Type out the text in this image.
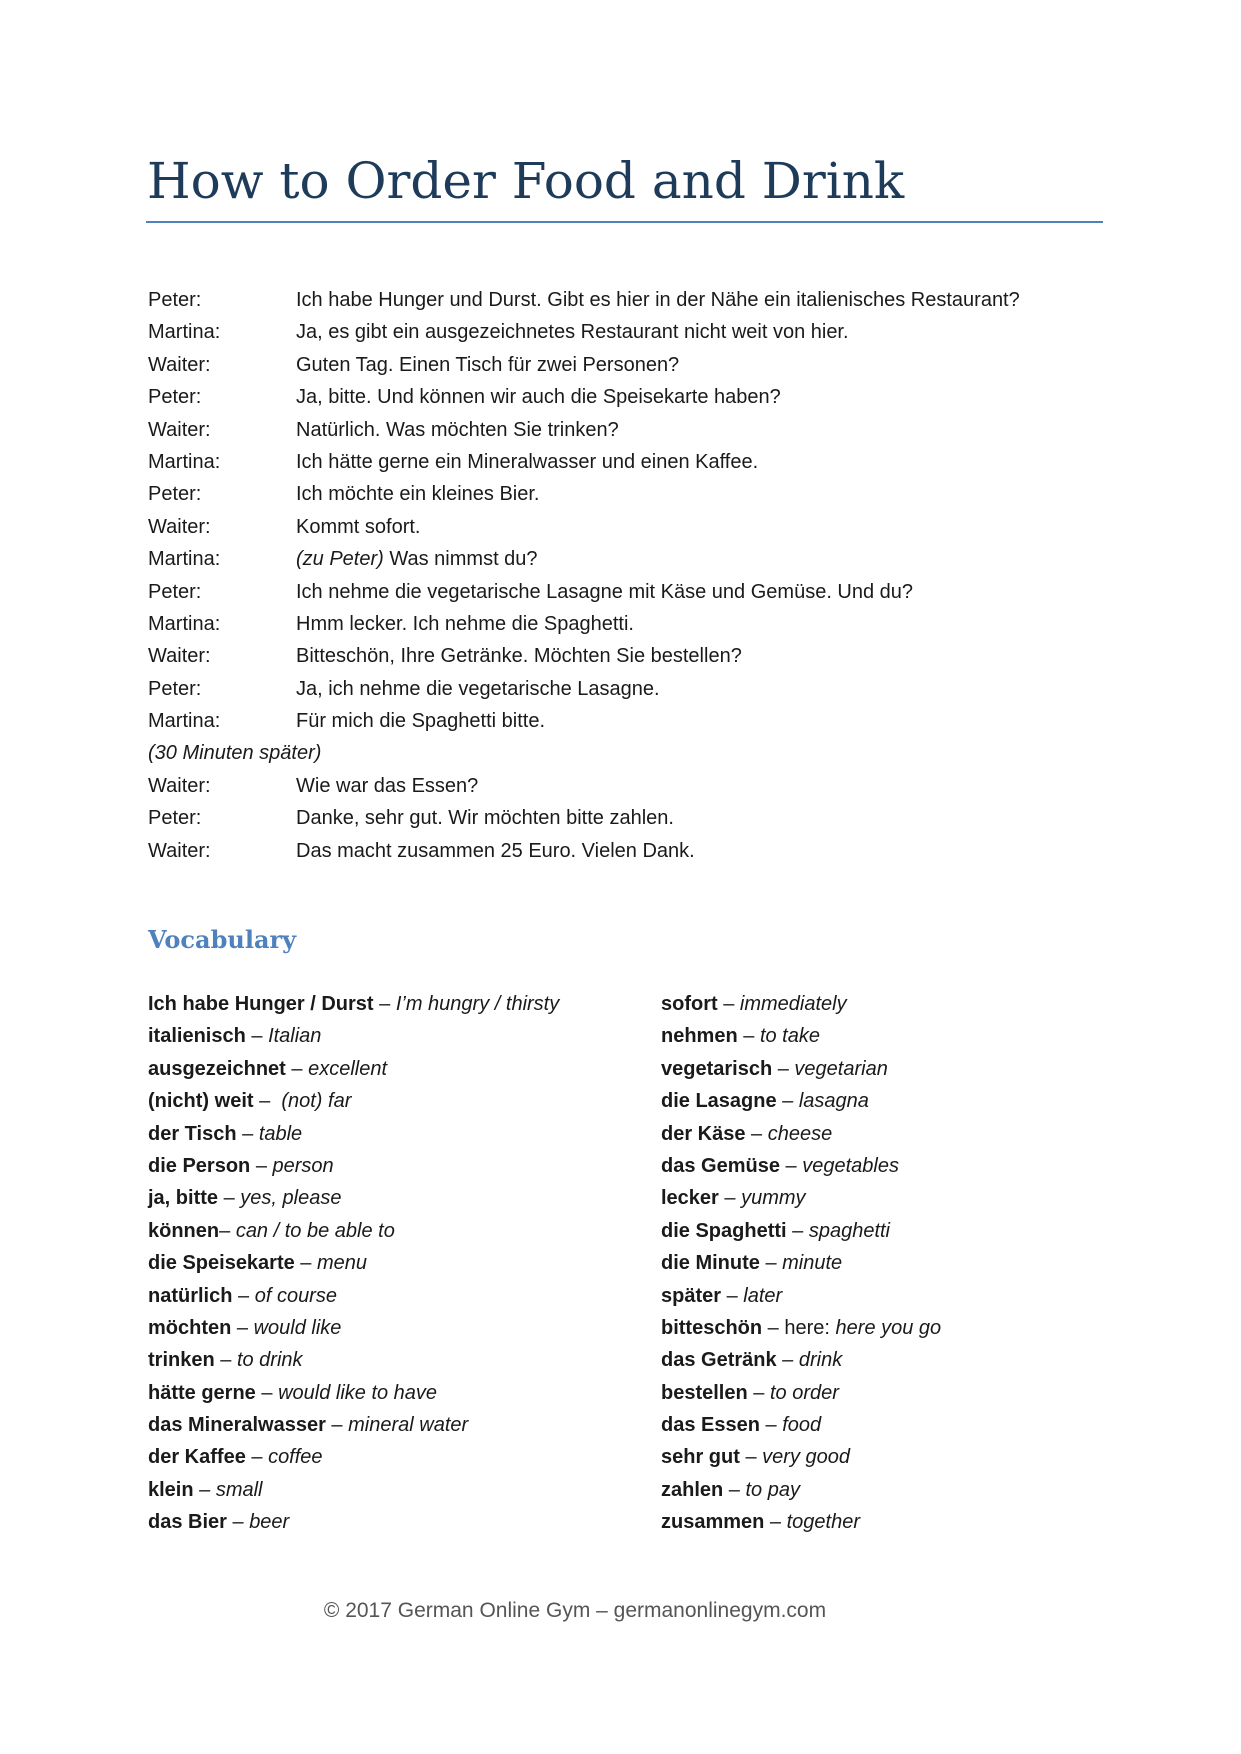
How to Order Food and Drink
Peter:	Ich habe Hunger und Durst. Gibt es hier in der Nähe ein italienisches Restaurant?
Martina:	Ja, es gibt ein ausgezeichnetes Restaurant nicht weit von hier.
Waiter:	Guten Tag. Einen Tisch für zwei Personen?
Peter:	Ja, bitte. Und können wir auch die Speisekarte haben?
Waiter:	Natürlich. Was möchten Sie trinken?
Martina:	Ich hätte gerne ein Mineralwasser und einen Kaffee.
Peter:	Ich möchte ein kleines Bier.
Waiter:	Kommt sofort.
Martina:	(zu Peter) Was nimmst du?
Peter:	Ich nehme die vegetarische Lasagne mit Käse und Gemüse. Und du?
Martina:	Hmm lecker. Ich nehme die Spaghetti.
Waiter:	Bitteschön, Ihre Getränke. Möchten Sie bestellen?
Peter:	Ja, ich nehme die vegetarische Lasagne.
Martina:	Für mich die Spaghetti bitte.
(30 Minuten später)
Waiter:	Wie war das Essen?
Peter:	Danke, sehr gut. Wir möchten bitte zahlen.
Waiter:	Das macht zusammen 25 Euro. Vielen Dank.
Vocabulary
Ich habe Hunger / Durst – I’m hungry / thirsty
italienisch – Italian
ausgezeichnet – excellent
(nicht) weit –  (not) far
der Tisch – table
die Person – person
ja, bitte – yes, please
können– can / to be able to
die Speisekarte – menu
natürlich – of course
möchten – would like
trinken – to drink
hätte gerne – would like to have
das Mineralwasser – mineral water
der Kaffee – coffee
klein – small
das Bier – beer
sofort – immediately
nehmen – to take
vegetarisch – vegetarian
die Lasagne – lasagna
der Käse – cheese
das Gemüse – vegetables
lecker – yummy
die Spaghetti – spaghetti
die Minute – minute
später – later
bitteschön – here: here you go
das Getränk – drink
bestellen – to order
das Essen – food
sehr gut – very good
zahlen – to pay
zusammen – together
© 2017 German Online Gym – germanonlinegym.com
